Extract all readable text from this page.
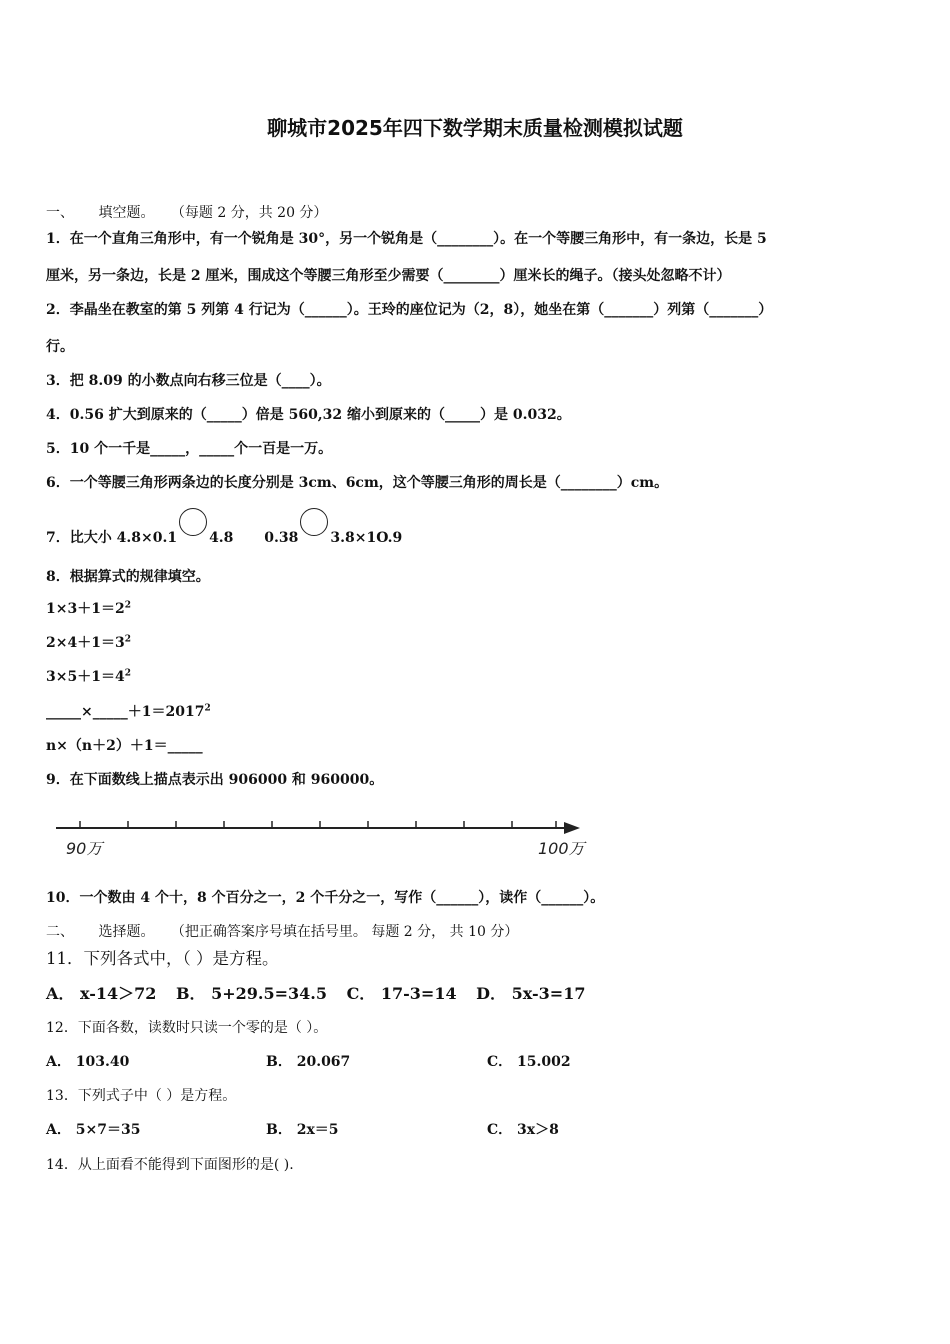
聊城市2025年四下数学期末质量检测模拟试题
一、 填空题。 （每题 2 分，共 20 分）
1．在一个直角三角形中，有一个锐角是 30°，另一个锐角是（________）。在一个等腰三角形中，有一条边，长是 5
厘米，另一条边，长是 2 厘米，围成这个等腰三角形至少需要（________）厘米长的绳子。（接头处忽略不计）
2．李晶坐在教室的第 5 列第 4 行记为（______）。王玲的座位记为（2，8），她坐在第（_______）列第（_______）
行。
3．把 8.09 的小数点向右移三位是（____）。
4．0.56 扩大到原来的（_____）倍是 560,32 缩小到原来的（_____）是 0.032。
5．10 个一千是_____，_____个一百是一万。
6．一个等腰三角形两条边的长度分别是 3cm、6cm，这个等腰三角形的周长是（________）cm。
7．比大小 4.8×0.1 4.8 0.38 3.8×1O.9
8．根据算式的规律填空。
$1\times 3+1=2^2$
$2\times 4+1=3^2$
$3\times 5+1=4^2$
$\_\_\_\_\_\times\_\_\_\_\_+1=2017^2$
n×（n＋2）＋1＝_____
9．在下面数线上描点表示出 906000 和 960000。
90万	100万
10．一个数由 4 个十，8 个百分之一，2 个千分之一，写作（______），读作（______）。
二、 选择题。 （把正确答案序号填在括号里。 每题 2 分， 共 10 分）
11．下列各式中，（ ）是方程。
A． x-14＞72 B． 5+29.5=34.5 C． 17-3=14 D． 5x-3=17
12．下面各数，读数时只读一个零的是（ ）。
A． 103.40	B． 20.067	C． 15.002
13．下列式子中（ ）是方程。
A． 5×7＝35	B． 2x＝5	C． 3x＞8
14．从上面看不能得到下面图形的是( ).
